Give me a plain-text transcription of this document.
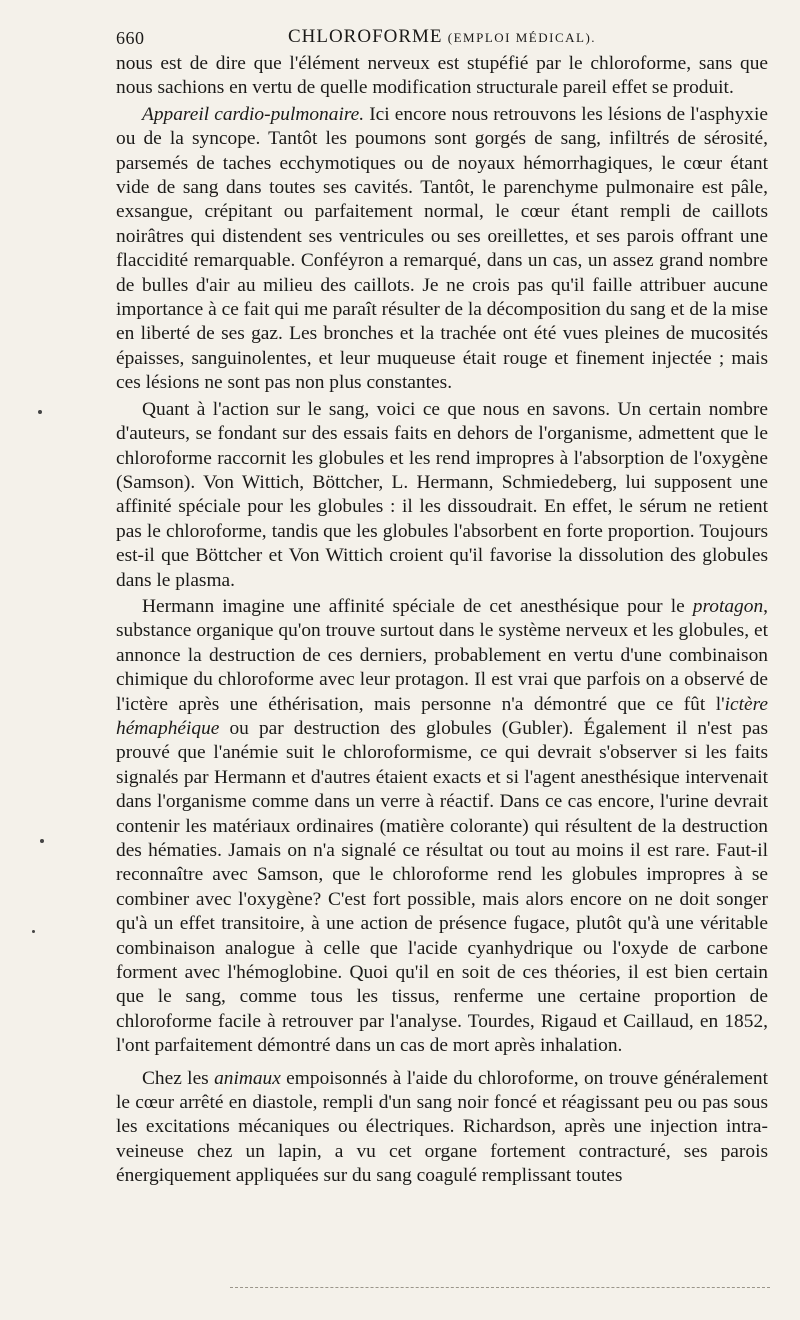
660	CHLOROFORME (EMPLOI MÉDICAL).

nous est de dire que l'élément nerveux est stupéfié par le chloroforme, sans que nous sachions en vertu de quelle modification structurale pareil effet se produit.

Appareil cardio-pulmonaire. Ici encore nous retrouvons les lésions de l'asphyxie ou de la syncope. Tantôt les poumons sont gorgés de sang, infiltrés de sérosité, parsemés de taches ecchymotiques ou de noyaux hémorrhagiques, le cœur étant vide de sang dans toutes ses cavités. Tantôt, le parenchyme pulmonaire est pâle, exsangue, crépitant ou parfaitement normal, le cœur étant rempli de caillots noirâtres qui distendent ses ventricules ou ses oreillettes, et ses parois offrant une flaccidité remarquable. Conféyron a remarqué, dans un cas, un assez grand nombre de bulles d'air au milieu des caillots. Je ne crois pas qu'il faille attribuer aucune importance à ce fait qui me paraît résulter de la décomposition du sang et de la mise en liberté de ses gaz. Les bronches et la trachée ont été vues pleines de mucosités épaisses, sanguinolentes, et leur muqueuse était rouge et finement injectée ; mais ces lésions ne sont pas non plus constantes.

Quant à l'action sur le sang, voici ce que nous en savons. Un certain nombre d'auteurs, se fondant sur des essais faits en dehors de l'organisme, admettent que le chloroforme raccornit les globules et les rend impropres à l'absorption de l'oxygène (Samson). Von Wittich, Böttcher, L. Hermann, Schmiedeberg, lui supposent une affinité spéciale pour les globules : il les dissoudrait. En effet, le sérum ne retient pas le chloroforme, tandis que les globules l'absorbent en forte proportion. Toujours est-il que Böttcher et Von Wittich croient qu'il favorise la dissolution des globules dans le plasma.

Hermann imagine une affinité spéciale de cet anesthésique pour le protagon, substance organique qu'on trouve surtout dans le système nerveux et les globules, et annonce la destruction de ces derniers, probablement en vertu d'une combinaison chimique du chloroforme avec leur protagon. Il est vrai que parfois on a observé de l'ictère après une éthérisation, mais personne n'a démontré que ce fût l'ictère hémaphéique ou par destruction des globules (Gubler). Également il n'est pas prouvé que l'anémie suit le chloroformisme, ce qui devrait s'observer si les faits signalés par Hermann et d'autres étaient exacts et si l'agent anesthésique intervenait dans l'organisme comme dans un verre à réactif. Dans ce cas encore, l'urine devrait contenir les matériaux ordinaires (matière colorante) qui résultent de la destruction des hématies. Jamais on n'a signalé ce résultat ou tout au moins il est rare. Faut-il reconnaître avec Samson, que le chloroforme rend les globules impropres à se combiner avec l'oxygène? C'est fort possible, mais alors encore on ne doit songer qu'à un effet transitoire, à une action de présence fugace, plutôt qu'à une véritable combinaison analogue à celle que l'acide cyanhydrique ou l'oxyde de carbone forment avec l'hémoglobine. Quoi qu'il en soit de ces théories, il est bien certain que le sang, comme tous les tissus, renferme une certaine proportion de chloroforme facile à retrouver par l'analyse. Tourdes, Rigaud et Caillaud, en 1852, l'ont parfaitement démontré dans un cas de mort après inhalation.

Chez les animaux empoisonnés à l'aide du chloroforme, on trouve généralement le cœur arrêté en diastole, rempli d'un sang noir foncé et réagissant peu ou pas sous les excitations mécaniques ou électriques. Richardson, après une injection intra-veineuse chez un lapin, a vu cet organe fortement contracturé, ses parois énergiquement appliquées sur du sang coagulé remplissant toutes
